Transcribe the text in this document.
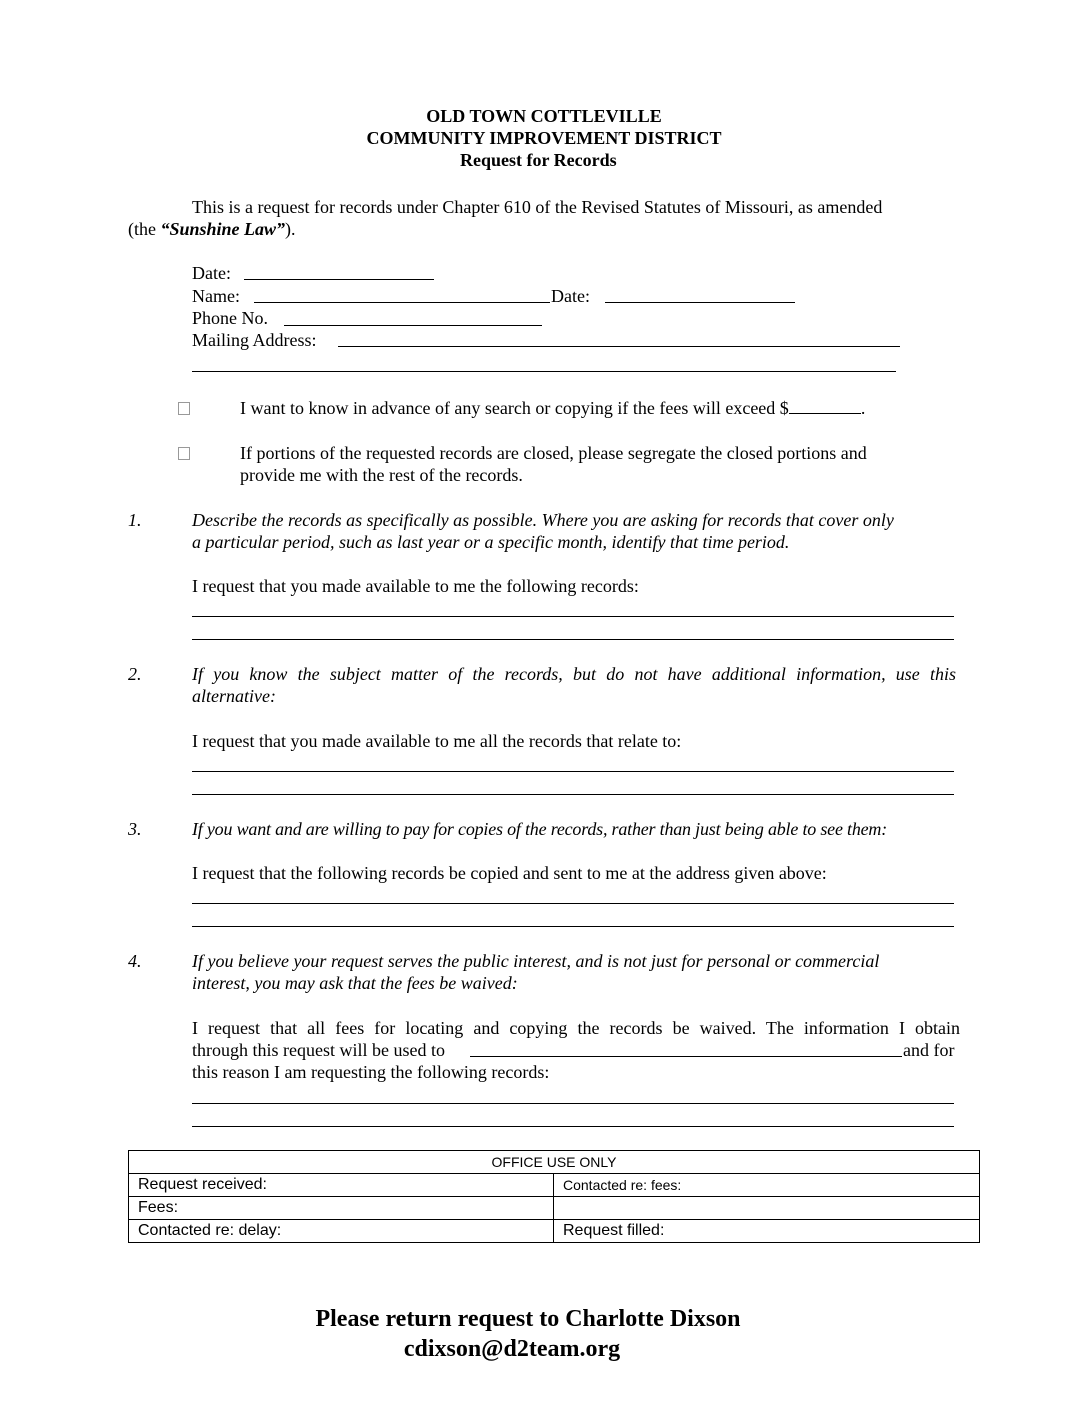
OLD TOWN COTTLEVILLE
COMMUNITY IMPROVEMENT DISTRICT
Request for Records
This is a request for records under Chapter 610 of the Revised Statutes of Missouri, as amended
(the “Sunshine Law”).
Date:
Name:	Date:
Phone No.
Mailing Address:
I want to know in advance of any search or copying if the fees will exceed $	.
If portions of the requested records are closed, please segregate the closed portions and
provide me with the rest of the records.
1.	Describe the records as specifically as possible. Where you are asking for records that cover only
a particular period, such as last year or a specific month, identify that time period.
I request that you made available to me the following records:
2.	If you know the subject matter of the records, but do not have additional information, use this
alternative:
I request that you made available to me all the records that relate to:
3.	If you want and are willing to pay for copies of the records, rather than just being able to see them:
I request that the following records be copied and sent to me at the address given above:
4.	If you believe your request serves the public interest, and is not just for personal or commercial
interest, you may ask that the fees be waived:
I request that all fees for locating and copying the records be waived. The information I obtain
through this request will be used to	and for
this reason I am requesting the following records:
OFFICE USE ONLY	
Request received:	Contacted re: fees:
Fees:	
Contacted re: delay:	Request filled:
Please return request to Charlotte Dixson
cdixson@d2team.org
